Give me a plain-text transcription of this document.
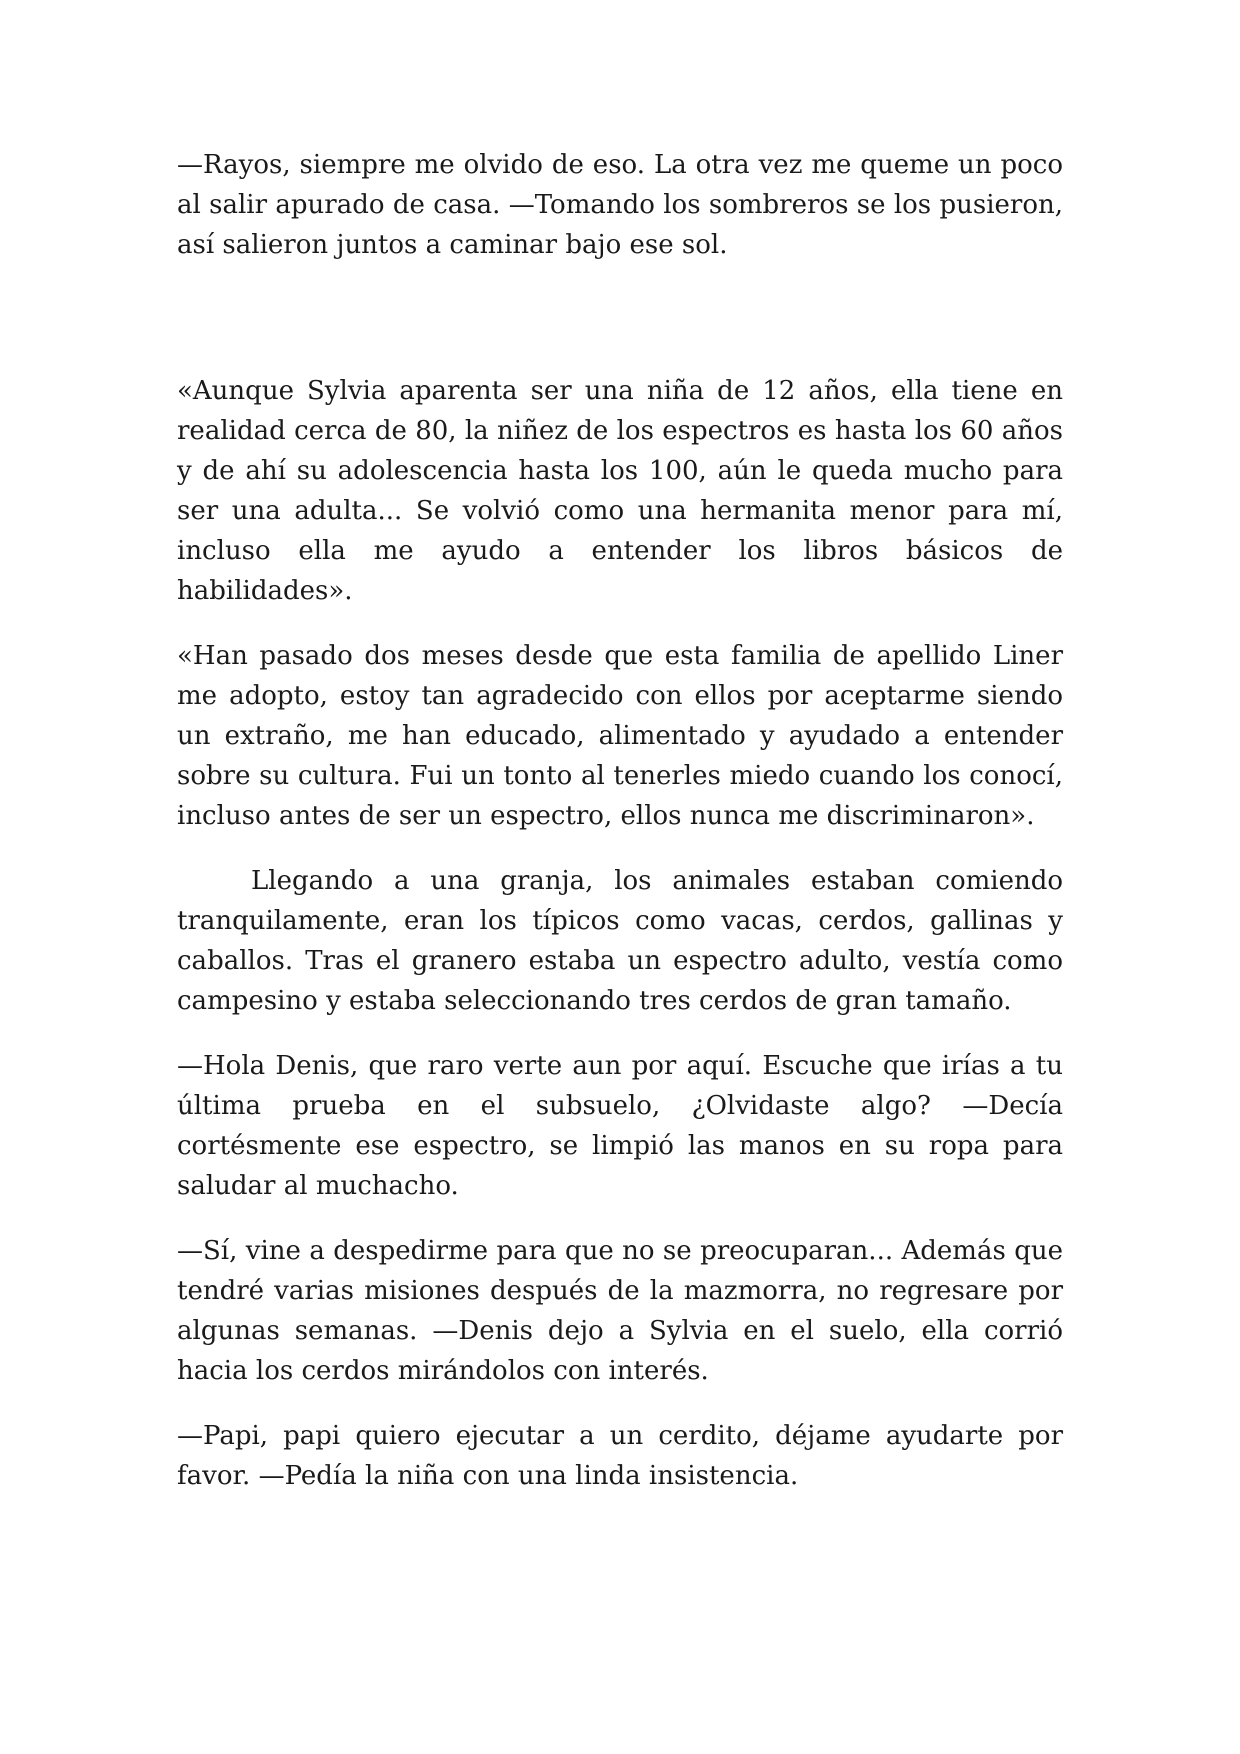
—Rayos, siempre me olvido de eso. La otra vez me queme un poco al salir apurado de casa. —Tomando los sombreros se los pusieron, así salieron juntos a caminar bajo ese sol.

«Aunque Sylvia aparenta ser una niña de 12 años, ella tiene en realidad cerca de 80, la niñez de los espectros es hasta los 60 años y de ahí su adolescencia hasta los 100, aún le queda mucho para ser una adulta... Se volvió como una hermanita menor para mí, incluso ella me ayudo a entender los libros básicos de habilidades».

«Han pasado dos meses desde que esta familia de apellido Liner me adopto, estoy tan agradecido con ellos por aceptarme siendo un extraño, me han educado, alimentado y ayudado a entender sobre su cultura. Fui un tonto al tenerles miedo cuando los conocí, incluso antes de ser un espectro, ellos nunca me discriminaron».

Llegando a una granja, los animales estaban comiendo tranquilamente, eran los típicos como vacas, cerdos, gallinas y caballos. Tras el granero estaba un espectro adulto, vestía como campesino y estaba seleccionando tres cerdos de gran tamaño.

—Hola Denis, que raro verte aun por aquí. Escuche que irías a tu última prueba en el subsuelo, ¿Olvidaste algo? —Decía cortésmente ese espectro, se limpió las manos en su ropa para saludar al muchacho.

—Sí, vine a despedirme para que no se preocuparan... Además que tendré varias misiones después de la mazmorra, no regresare por algunas semanas. —Denis dejo a Sylvia en el suelo, ella corrió hacia los cerdos mirándolos con interés.

—Papi, papi quiero ejecutar a un cerdito, déjame ayudarte por favor. —Pedía la niña con una linda insistencia.
